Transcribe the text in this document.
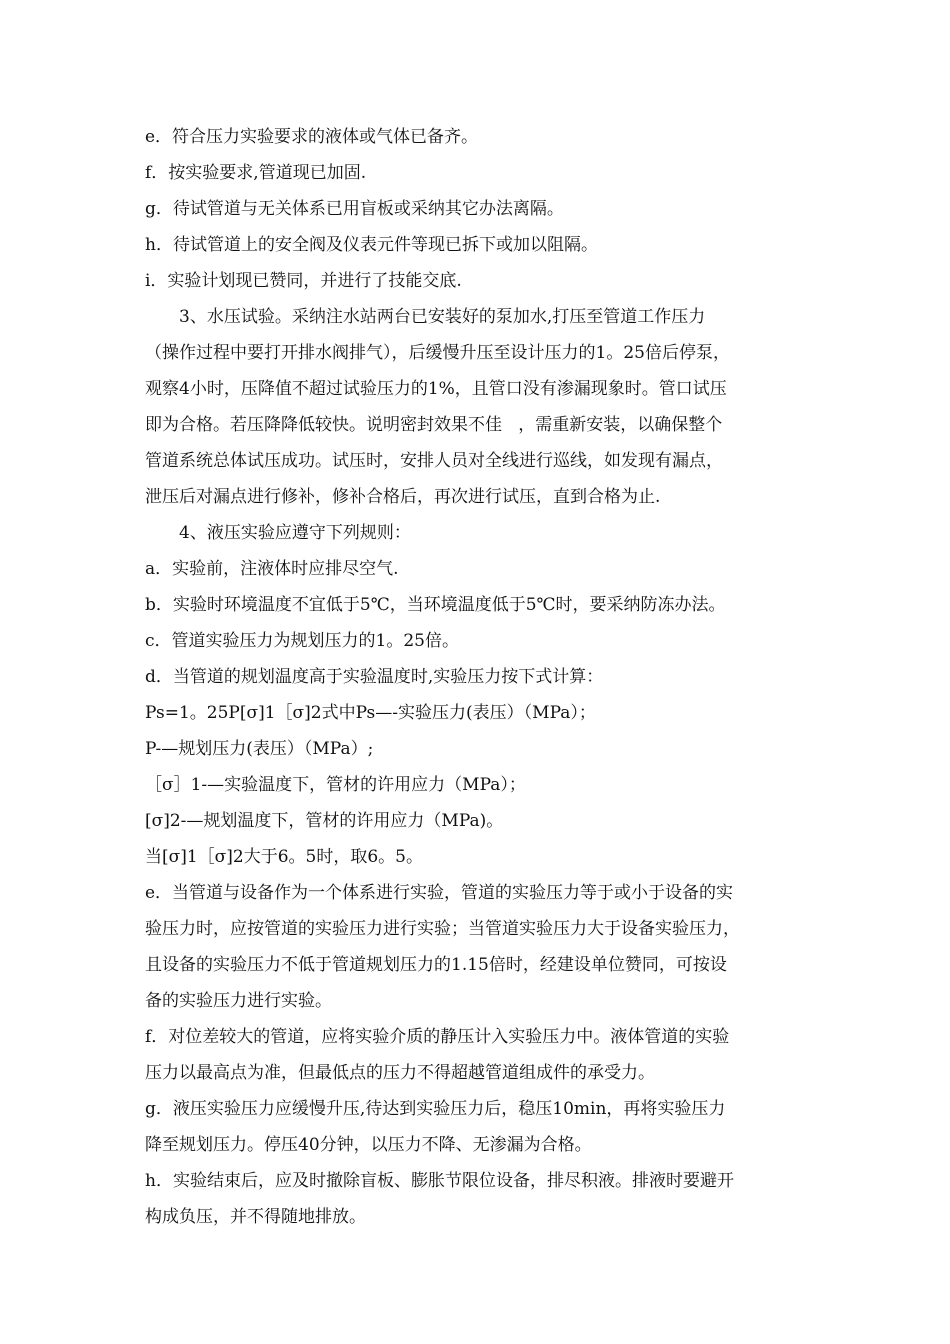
e．符合压力实验要求的液体或气体已备齐。
f．按实验要求,管道现已加固.
g．待试管道与无关体系已用盲板或采纳其它办法离隔。
h．待试管道上的安全阀及仪表元件等现已拆下或加以阻隔。
i．实验计划现已赞同，并进行了技能交底.
3、水压试验。采纳注水站两台已安装好的泵加水,打压至管道工作压力
（操作过程中要打开排水阀排气），后缓慢升压至设计压力的1。25倍后停泵，
观察4小时，压降值不超过试验压力的1%，且管口没有渗漏现象时。管口试压
即为合格。若压降降低较快。说明密封效果不佳   ，需重新安装，以确保整个
管道系统总体试压成功。试压时，安排人员对全线进行巡线，如发现有漏点，
泄压后对漏点进行修补，修补合格后，再次进行试压，直到合格为止.
4、液压实验应遵守下列规则：
a．实验前，注液体时应排尽空气.
b．实验时环境温度不宜低于5℃，当环境温度低于5℃时，要采纳防冻办法。
c．管道实验压力为规划压力的1。25倍。
d．当管道的规划温度高于实验温度时,实验压力按下式计算：
Ps=1。25P[σ]1［σ]2式中Ps—-实验压力(表压）（MPa）；
P-—规划压力(表压）（MPa）;
［σ］1-—实验温度下，管材的许用应力（MPa）；
[σ]2-—规划温度下，管材的许用应力（MPa)。
当[σ]1［σ]2大于6。5时，取6。5。
e．当管道与设备作为一个体系进行实验，管道的实验压力等于或小于设备的实
验压力时，应按管道的实验压力进行实验；当管道实验压力大于设备实验压力，
且设备的实验压力不低于管道规划压力的1.15倍时，经建设单位赞同，可按设
备的实验压力进行实验。
f．对位差较大的管道，应将实验介质的静压计入实验压力中。液体管道的实验
压力以最高点为准，但最低点的压力不得超越管道组成件的承受力。
g．液压实验压力应缓慢升压,待达到实验压力后，稳压10min，再将实验压力
降至规划压力。停压40分钟，以压力不降、无渗漏为合格。
h．实验结束后，应及时撤除盲板、膨胀节限位设备，排尽积液。排液时要避开
构成负压，并不得随地排放。
